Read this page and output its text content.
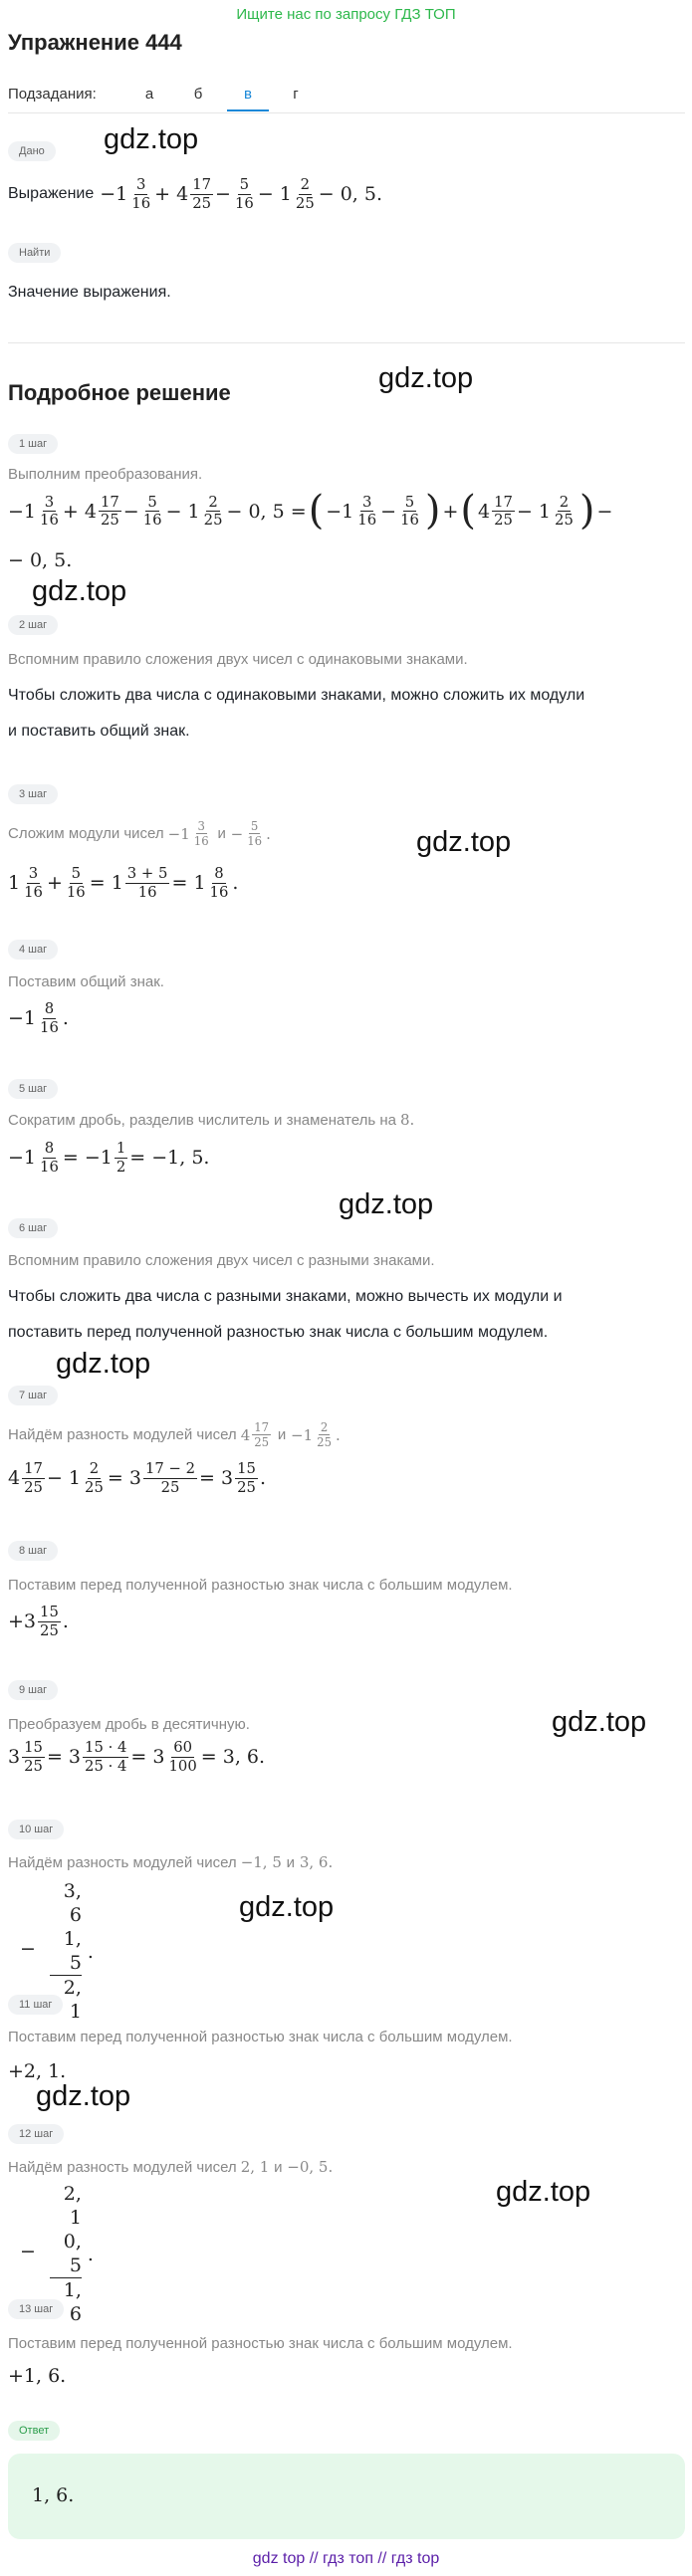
Ищите нас по запросу ГДЗ ТОП
Упражнение 444
Подзадания:	а	б	в	г
Дано	gdz.top
Выражение $-1 \frac{3}{16} + 4 \frac{17}{25} - \frac{5}{16} - 1 \frac{2}{25} - 0$, 5.
Найти
Значение выражения.
Подробное решение	gdz.top
1 шаг
Выполним преобразования.
$-1 \frac{3}{16} + 4 \frac{17}{25} - \frac{5}{16} - 1 \frac{2}{25} - 0$, 5 = ( $-1 \frac{3}{16} - \frac{5}{16}$ ) + ( $4 \frac{17}{25} - 1 \frac{2}{25}$ ) −
− 0, 5.
gdz.top
2 шаг
Вспомним правило сложения двух чисел с одинаковыми знаками.
Чтобы сложить два числа с одинаковыми знаками, можно сложить их модули
и поставить общий знак.
3 шаг
Сложим модули чисел $-1 \frac{3}{16}$
$и - \frac{5}{16}$ .	gdz.top
$1 \frac{3}{16} + \frac{5}{16} = 1 \frac{3 + 5}{16} = 1 \frac{8}{16}$ .
4 шаг
Поставим общий знак.
$-1 \frac{8}{16}$ .
5 шаг
Сократим дробь, разделив числитель и знаменатель на 8.
$-1 \frac{8}{16} = -1 \frac{1}{2} = -1$, 5.
gdz.top
6 шаг
Вспомним правило сложения двух чисел с разными знаками.
Чтобы сложить два числа с разными знаками, можно вычесть их модули и
поставить перед полученной разностью знак числа с большим модулем.
gdz.top
7 шаг
Найдём разность модулей чисел $4 \frac{17}{25}$
$и -1 \frac{2}{25}$ .
$4 \frac{17}{25} - 1 \frac{2}{25} = 3 \frac{17 - 2}{25} = 3 \frac{15}{25}$ .
8 шаг
Поставим перед полученной разностью знак числа с большим модулем.
$+3 \frac{15}{25}$ .
9 шаг
Преобразуем дробь в десятичную.	gdz.top
$3 \frac{15}{25} = 3 \frac{15 \cdot 4}{25 \cdot 4} = 3 \frac{60}{100} = 3$, 6.
10 шаг
Найдём разность модулей чисел −1, 5 и 3, 6.
−
3, 6
1, 5
2, 1
.
gdz.top
11 шаг
Поставим перед полученной разностью знак числа с большим модулем.
+2, 1.
gdz.top
12 шаг
Найдём разность модулей чисел 2, 1 и −0, 5.
−
2, 1
0, 5
1, 6
.
gdz.top
13 шаг
Поставим перед полученной разностью знак числа с большим модулем.
+1, 6.
Ответ
1, 6.
gdz top // гдз топ // гдз top
